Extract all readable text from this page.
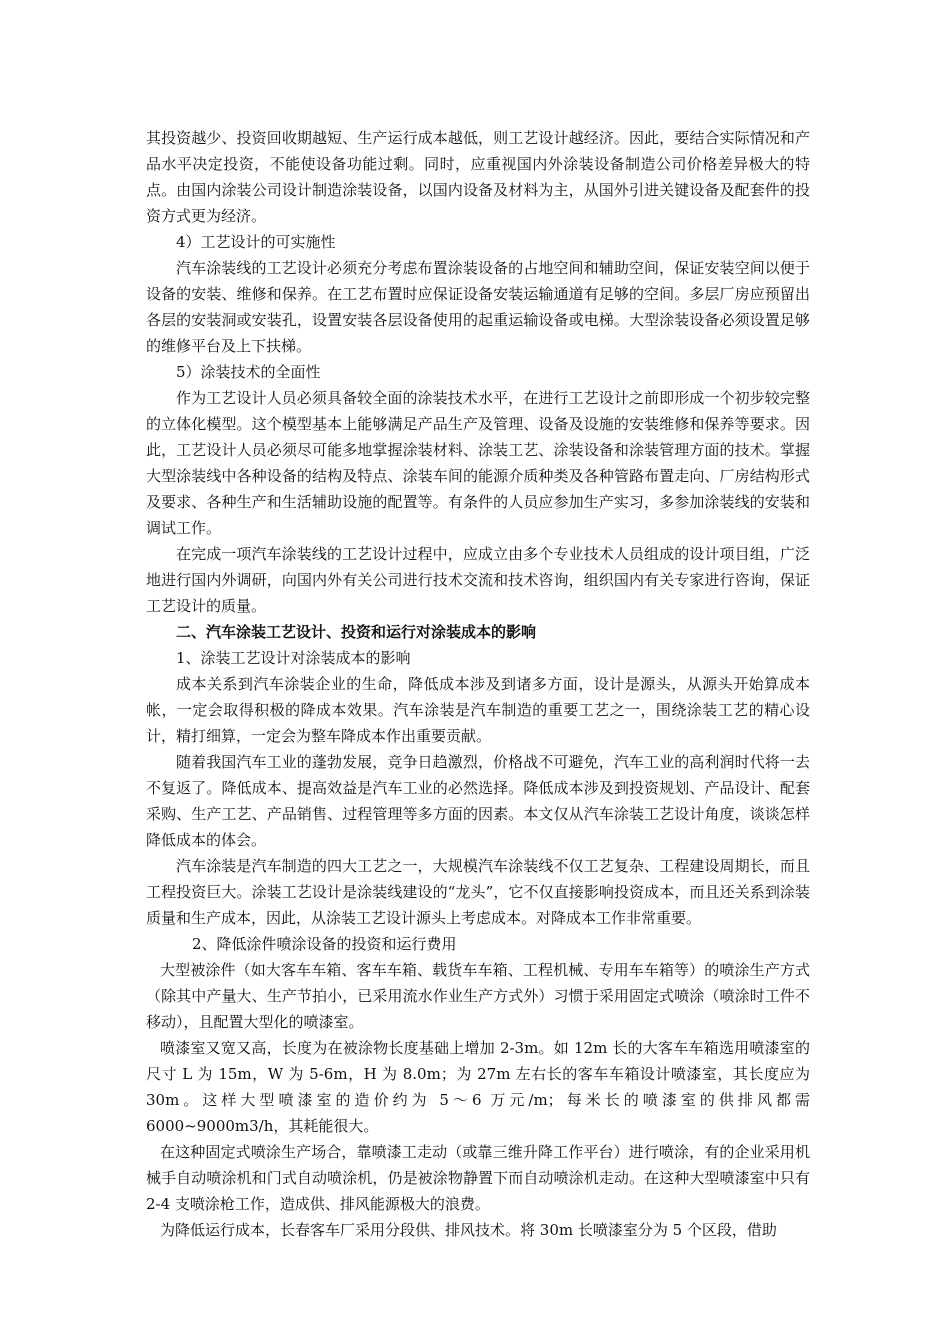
其投资越少、投资回收期越短、生产运行成本越低，则工艺设计越经济。因此，要结合实际情况和产品水平决定投资，不能使设备功能过剩。同时，应重视国内外涂装设备制造公司价格差异极大的特点。由国内涂装公司设计制造涂装设备，以国内设备及材料为主，从国外引进关键设备及配套件的投资方式更为经济。

4）工艺设计的可实施性

汽车涂装线的工艺设计必须充分考虑布置涂装设备的占地空间和辅助空间，保证安装空间以便于设备的安装、维修和保养。在工艺布置时应保证设备安装运输通道有足够的空间。多层厂房应预留出各层的安装洞或安装孔，设置安装各层设备使用的起重运输设备或电梯。大型涂装设备必须设置足够的维修平台及上下扶梯。

5）涂装技术的全面性

作为工艺设计人员必须具备较全面的涂装技术水平，在进行工艺设计之前即形成一个初步较完整的立体化模型。这个模型基本上能够满足产品生产及管理、设备及设施的安装维修和保养等要求。因此，工艺设计人员必须尽可能多地掌握涂装材料、涂装工艺、涂装设备和涂装管理方面的技术。掌握大型涂装线中各种设备的结构及特点、涂装车间的能源介质种类及各种管路布置走向、厂房结构形式及要求、各种生产和生活辅助设施的配置等。有条件的人员应参加生产实习，多参加涂装线的安装和调试工作。

在完成一项汽车涂装线的工艺设计过程中，应成立由多个专业技术人员组成的设计项目组，广泛地进行国内外调研，向国内外有关公司进行技术交流和技术咨询，组织国内有关专家进行咨询，保证工艺设计的质量。

二、汽车涂装工艺设计、投资和运行对涂装成本的影响

1、涂装工艺设计对涂装成本的影响

成本关系到汽车涂装企业的生命，降低成本涉及到诸多方面，设计是源头，从源头开始算成本帐，一定会取得积极的降成本效果。汽车涂装是汽车制造的重要工艺之一，围绕涂装工艺的精心设计，精打细算，一定会为整车降成本作出重要贡献。

随着我国汽车工业的蓬勃发展，竞争日趋激烈，价格战不可避免，汽车工业的高利润时代将一去不复返了。降低成本、提高效益是汽车工业的必然选择。降低成本涉及到投资规划、产品设计、配套采购、生产工艺、产品销售、过程管理等多方面的因素。本文仅从汽车涂装工艺设计角度，谈谈怎样降低成本的体会。

汽车涂装是汽车制造的四大工艺之一，大规模汽车涂装线不仅工艺复杂、工程建设周期长，而且工程投资巨大。涂装工艺设计是涂装线建设的“龙头”，它不仅直接影响投资成本，而且还关系到涂装质量和生产成本，因此，从涂装工艺设计源头上考虑成本。对降成本工作非常重要。

2、降低涂件喷涂设备的投资和运行费用

大型被涂件（如大客车车箱、客车车箱、载货车车箱、工程机械、专用车车箱等）的喷涂生产方式（除其中产量大、生产节拍小，已采用流水作业生产方式外）习惯于采用固定式喷涂（喷涂时工件不移动），且配置大型化的喷漆室。

喷漆室又宽又高，长度为在被涂物长度基础上增加 2-3m。如 12m 长的大客车车箱选用喷漆室的尺寸 L 为 15m，W 为 5-6m，H 为 8.0m；为 27m 左右长的客车车箱设计喷漆室，其长度应为 30m。这样大型喷漆室的造价约为 5～6 万元/m；每米长的喷漆室的供排风都需 6000~9000m3/h，其耗能很大。

在这种固定式喷涂生产场合，靠喷漆工走动（或靠三维升降工作平台）进行喷涂，有的企业采用机械手自动喷涂机和门式自动喷涂机，仍是被涂物静置下而自动喷涂机走动。在这种大型喷漆室中只有 2-4 支喷涂枪工作，造成供、排风能源极大的浪费。

为降低运行成本，长春客车厂采用分段供、排风技术。将 30m 长喷漆室分为 5 个区段，借助
